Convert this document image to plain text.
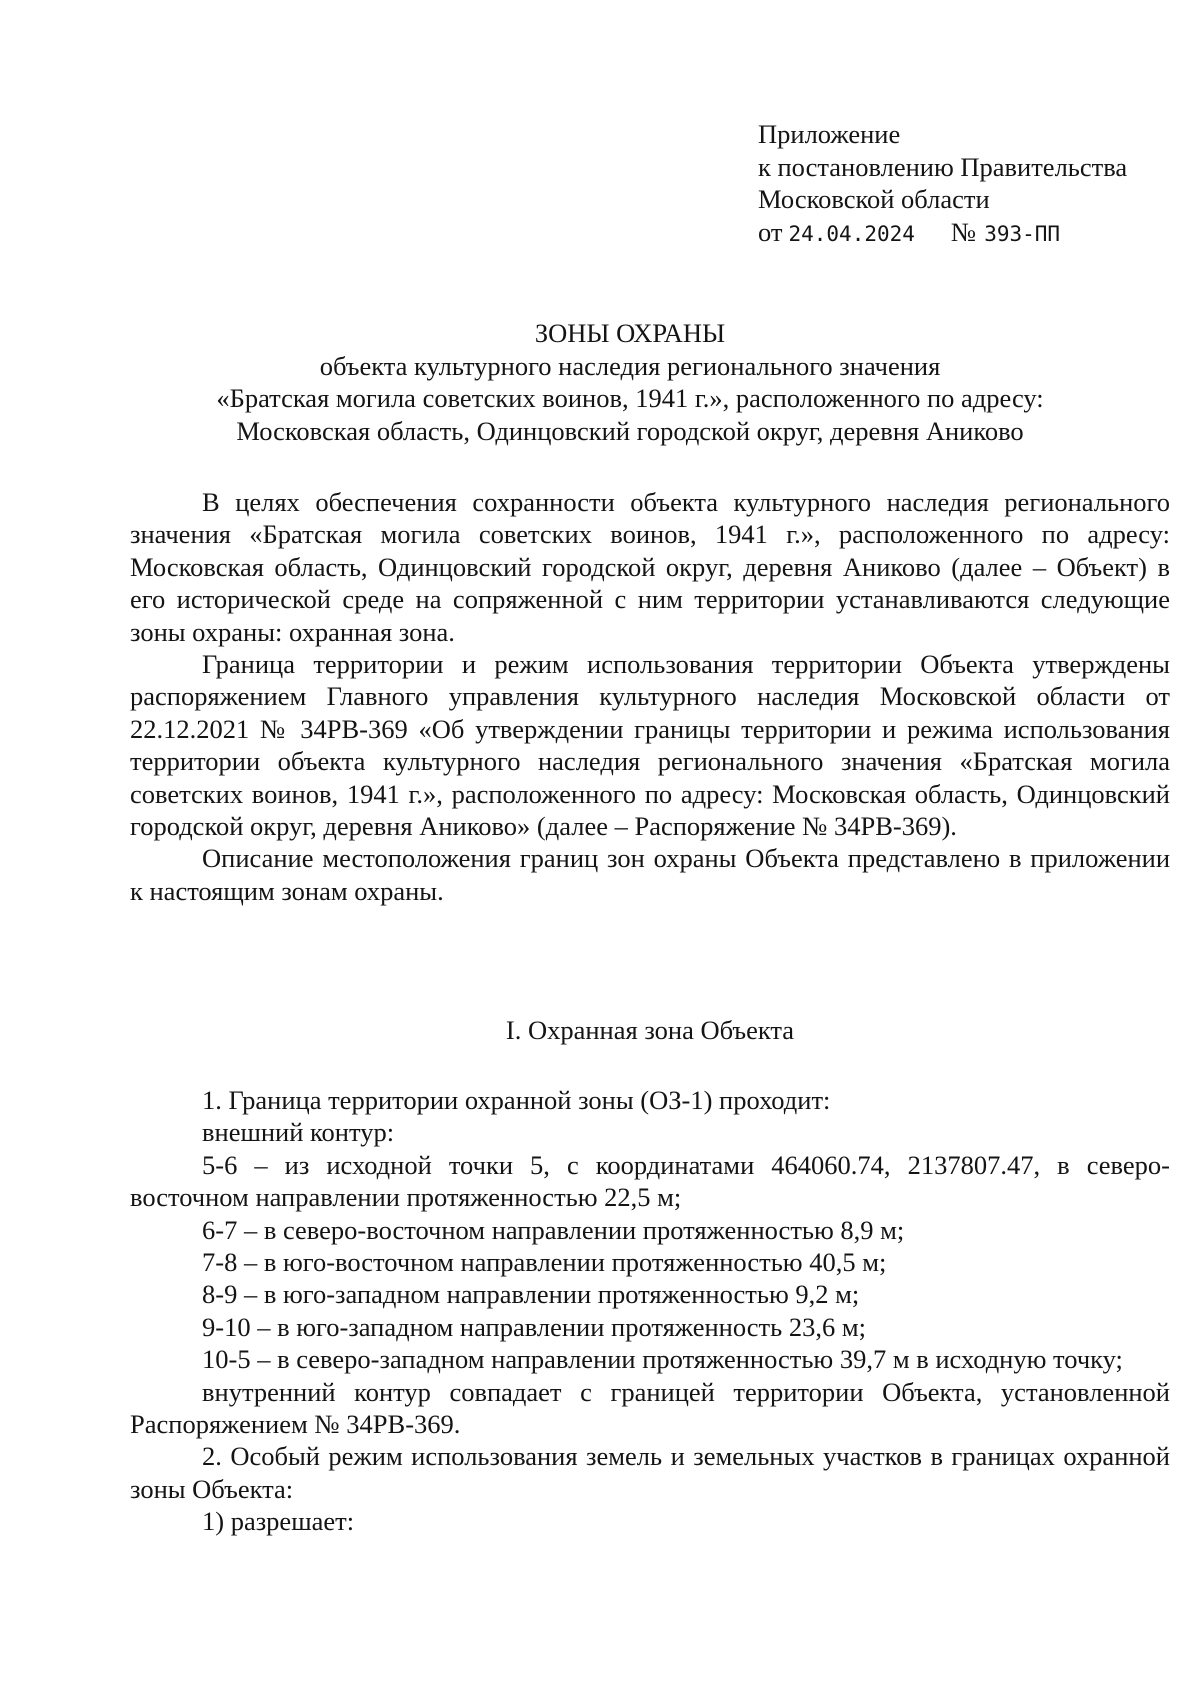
Приложение
к постановлению Правительства
Московской области
от 24.04.2024 № 393-ПП
ЗОНЫ ОХРАНЫ
объекта культурного наследия регионального значения
«Братская могила советских воинов, 1941 г.», расположенного по адресу:
Московская область, Одинцовский городской округ, деревня Аниково

В целях обеспечения сохранности объекта культурного наследия регионального значения «Братская могила советских воинов, 1941 г.», расположенного по адресу: Московская область, Одинцовский городской округ, деревня Аниково (далее – Объект) в его исторической среде на сопряженной с ним территории устанавливаются следующие зоны охраны: охранная зона.

Граница территории и режим использования территории Объекта утверждены распоряжением Главного управления культурного наследия Московской области от 22.12.2021 № 34РВ-369 «Об утверждении границы территории и режима использования территории объекта культурного наследия регионального значения «Братская могила советских воинов, 1941 г.», расположенного по адресу: Московская область, Одинцовский городской округ, деревня Аниково» (далее – Распоряжение № 34РВ-369).

Описание местоположения границ зон охраны Объекта представлено в приложении к настоящим зонам охраны.

I. Охранная зона Объекта

1. Граница территории охранной зоны (ОЗ-1) проходит:

внешний контур:

5-6 – из исходной точки 5, с координатами 464060.74, 2137807.47, в северо-восточном направлении протяженностью 22,5 м;

6-7 – в северо-восточном направлении протяженностью 8,9 м;

7-8 – в юго-восточном направлении протяженностью 40,5 м;

8-9 – в юго-западном направлении протяженностью 9,2 м;

9-10 – в юго-западном направлении протяженность 23,6 м;

10-5 – в северо-западном направлении протяженностью 39,7 м в исходную точку;

внутренний контур совпадает с границей территории Объекта, установленной Распоряжением № 34РВ-369.

2. Особый режим использования земель и земельных участков в границах охранной зоны Объекта:

1) разрешает:
